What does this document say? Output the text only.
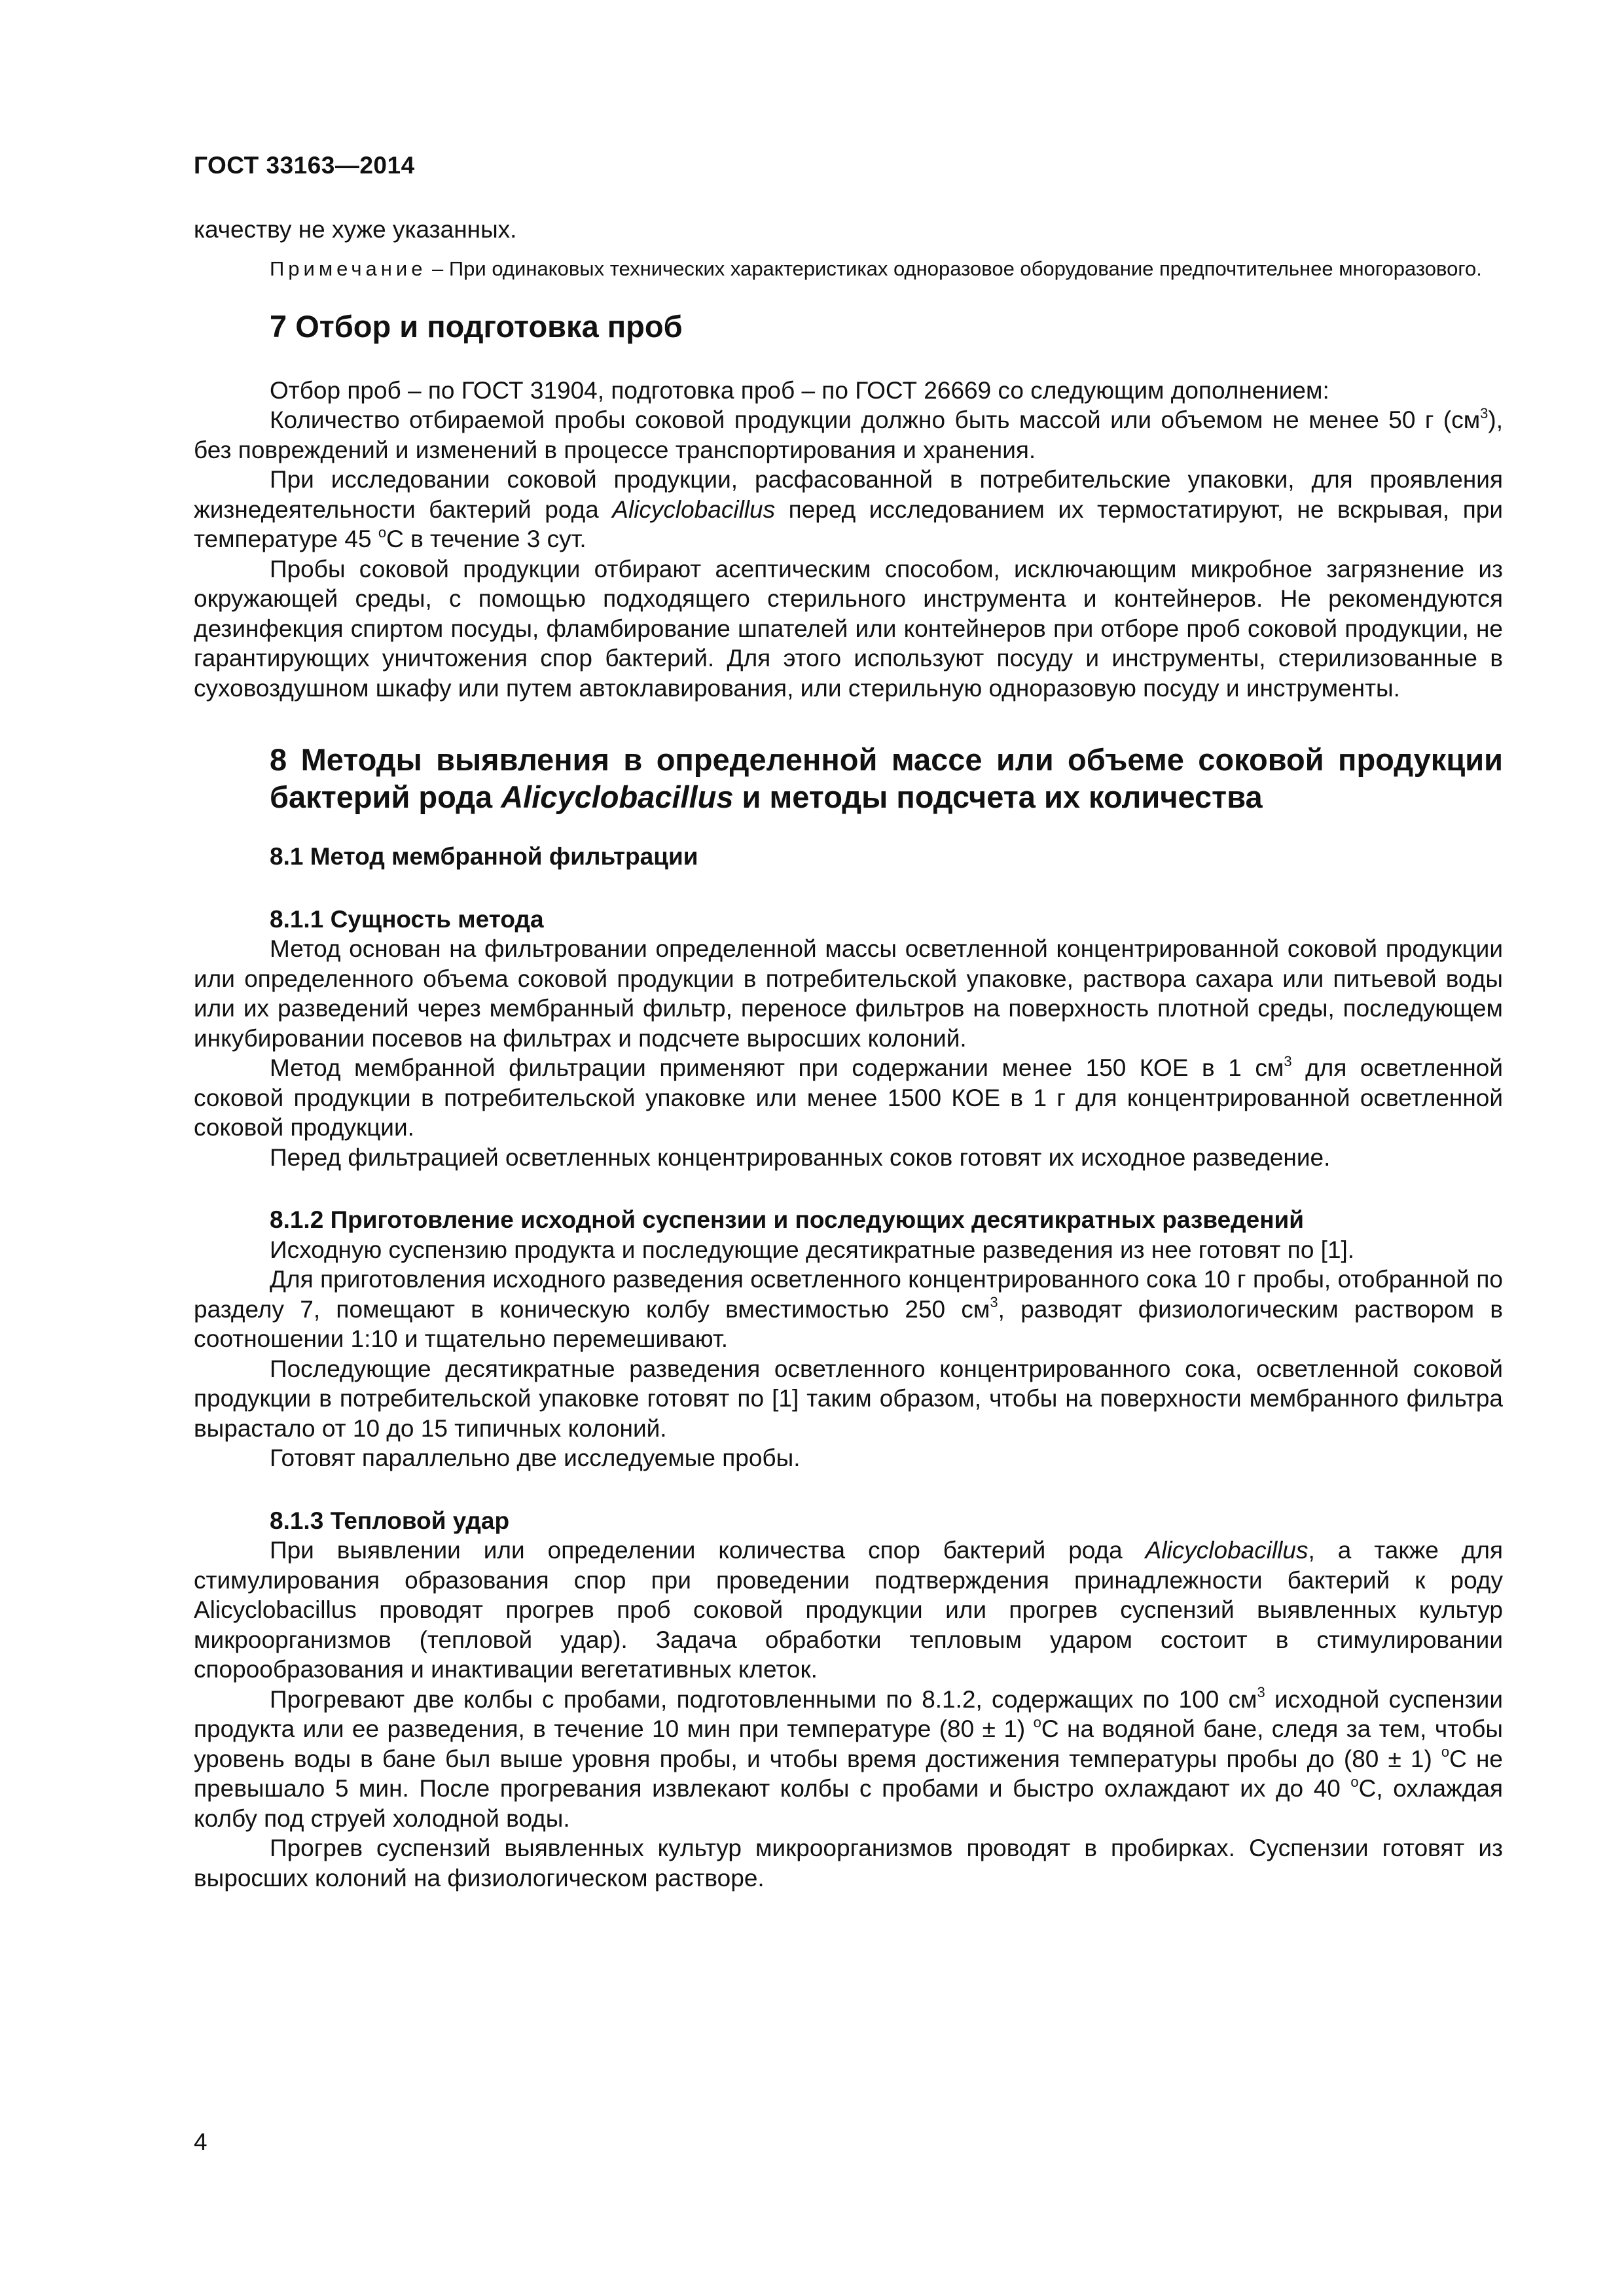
ГОСТ 33163—2014

качеству не хуже указанных.

Примечание – При одинаковых технических характеристиках одноразовое оборудование предпочтительнее многоразового.

7 Отбор и подготовка проб

Отбор проб – по ГОСТ 31904, подготовка проб – по ГОСТ 26669 со следующим дополнением:

Количество отбираемой пробы соковой продукции должно быть массой или объемом не менее 50 г $(см^3)$, без повреждений и изменений в процессе транспортирования и хранения.

При исследовании соковой продукции, расфасованной в потребительские упаковки, для проявления жизнедеятельности бактерий рода Alicyclobacillus перед исследованием их термостатируют, не вскрывая, при температуре 45 $^о$С в течение 3 сут.

Пробы соковой продукции отбирают асептическим способом, исключающим микробное загрязнение из окружающей среды, с помощью подходящего стерильного инструмента и контейнеров. Не рекомендуются дезинфекция спиртом посуды, фламбирование шпателей или контейнеров при отборе проб соковой продукции, не гарантирующих уничтожения спор бактерий. Для этого используют посуду и инструменты, стерилизованные в суховоздушном шкафу или путем автоклавирования, или стерильную одноразовую посуду и инструменты.

8 Методы выявления в определенной массе или объеме соковой продукции бактерий рода Alicyclobacillus и методы подсчета их количества
8.1 Метод мембранной фильтрации
8.1.1 Сущность метода

Метод основан на фильтровании определенной массы осветленной концентрированной соковой продукции или определенного объема соковой продукции в потребительской упаковке, раствора сахара или питьевой воды или их разведений через мембранный фильтр, переносе фильтров на поверхность плотной среды, последующем инкубировании посевов на фильтрах и подсчете выросших колоний.

Метод мембранной фильтрации применяют при содержании менее 150 КОЕ в 1 $см^3$ для осветленной соковой продукции в потребительской упаковке или менее 1500 КОЕ в 1 г для концентрированной осветленной соковой продукции.

Перед фильтрацией осветленных концентрированных соков готовят их исходное разведение.

8.1.2 Приготовление исходной суспензии и последующих десятикратных разведений

Исходную суспензию продукта и последующие десятикратные разведения из нее готовят по [1].

Для приготовления исходного разведения осветленного концентрированного сока 10 г пробы, отобранной по разделу 7, помещают в коническую колбу вместимостью 250 $см^3$, разводят физиологическим раствором в соотношении 1:10 и тщательно перемешивают.

Последующие десятикратные разведения осветленного концентрированного сока, осветленной соковой продукции в потребительской упаковке готовят по [1] таким образом, чтобы на поверхности мембранного фильтра вырастало от 10 до 15 типичных колоний.

Готовят параллельно две исследуемые пробы.

8.1.3 Тепловой удар

При выявлении или определении количества спор бактерий рода Alicyclobacillus, а также для стимулирования образования спор при проведении подтверждения принадлежности бактерий к роду Alicyclobacillus проводят прогрев проб соковой продукции или прогрев суспензий выявленных культур микроорганизмов (тепловой удар). Задача обработки тепловым ударом состоит в стимулировании спорообразования и инактивации вегетативных клеток.

Прогревают две колбы с пробами, подготовленными по 8.1.2, содержащих по 100 $см^3$ исходной суспензии продукта или ее разведения, в течение 10 мин при температуре (80 ± 1) $^о$С на водяной бане, следя за тем, чтобы уровень воды в бане был выше уровня пробы, и чтобы время достижения температуры пробы до (80 ± 1) $^о$С не превышало 5 мин. После прогревания извлекают колбы с пробами и быстро охлаждают их до 40 $^о$С, охлаждая колбу под струей холодной воды.

Прогрев суспензий выявленных культур микроорганизмов проводят в пробирках. Суспензии готовят из выросших колоний на физиологическом растворе.

4
